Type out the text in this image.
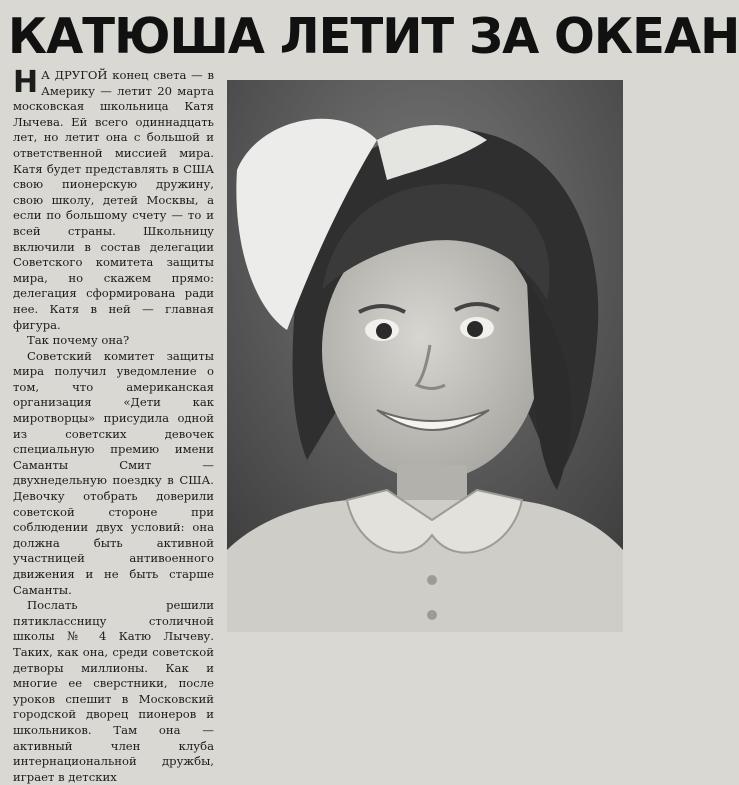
КАТЮША ЛЕТИТ ЗА ОКЕАН

Н А ДРУГОЙ конец света — в Америку — летит 20 марта московская школьница Катя Лычева. Ей всего одиннадцать лет, но летит она с большой и ответственной миссией мира. Катя будет представлять в США свою пионерскую дружину, свою школу, детей Москвы, а если по большому счету — то и всей страны. Школьницу включили в состав делегации Советского комитета защиты мира, но скажем прямо: делегация сформирована ради нее. Катя в ней — главная фигура.

Так почему она?

Советский комитет защиты мира получил уведомление о том, что американская организация «Дети как миротворцы» присудила одной из советских девочек специальную премию имени Саманты Смит — двухнедельную поездку в США. Девочку отобрать доверили советской стороне при соблюдении двух условий: она должна быть активной участницей антивоенного движения и не быть старше Саманты.

Послать решили пятиклассницу столичной школы № 4 Катю Лычеву. Таких, как она, среди советской детворы миллионы. Как и многие ее сверстники, после уроков спешит в Московский городской дворец пионеров и школьников. Там она — активный член клуба интернациональной дружбы, играет в детских
